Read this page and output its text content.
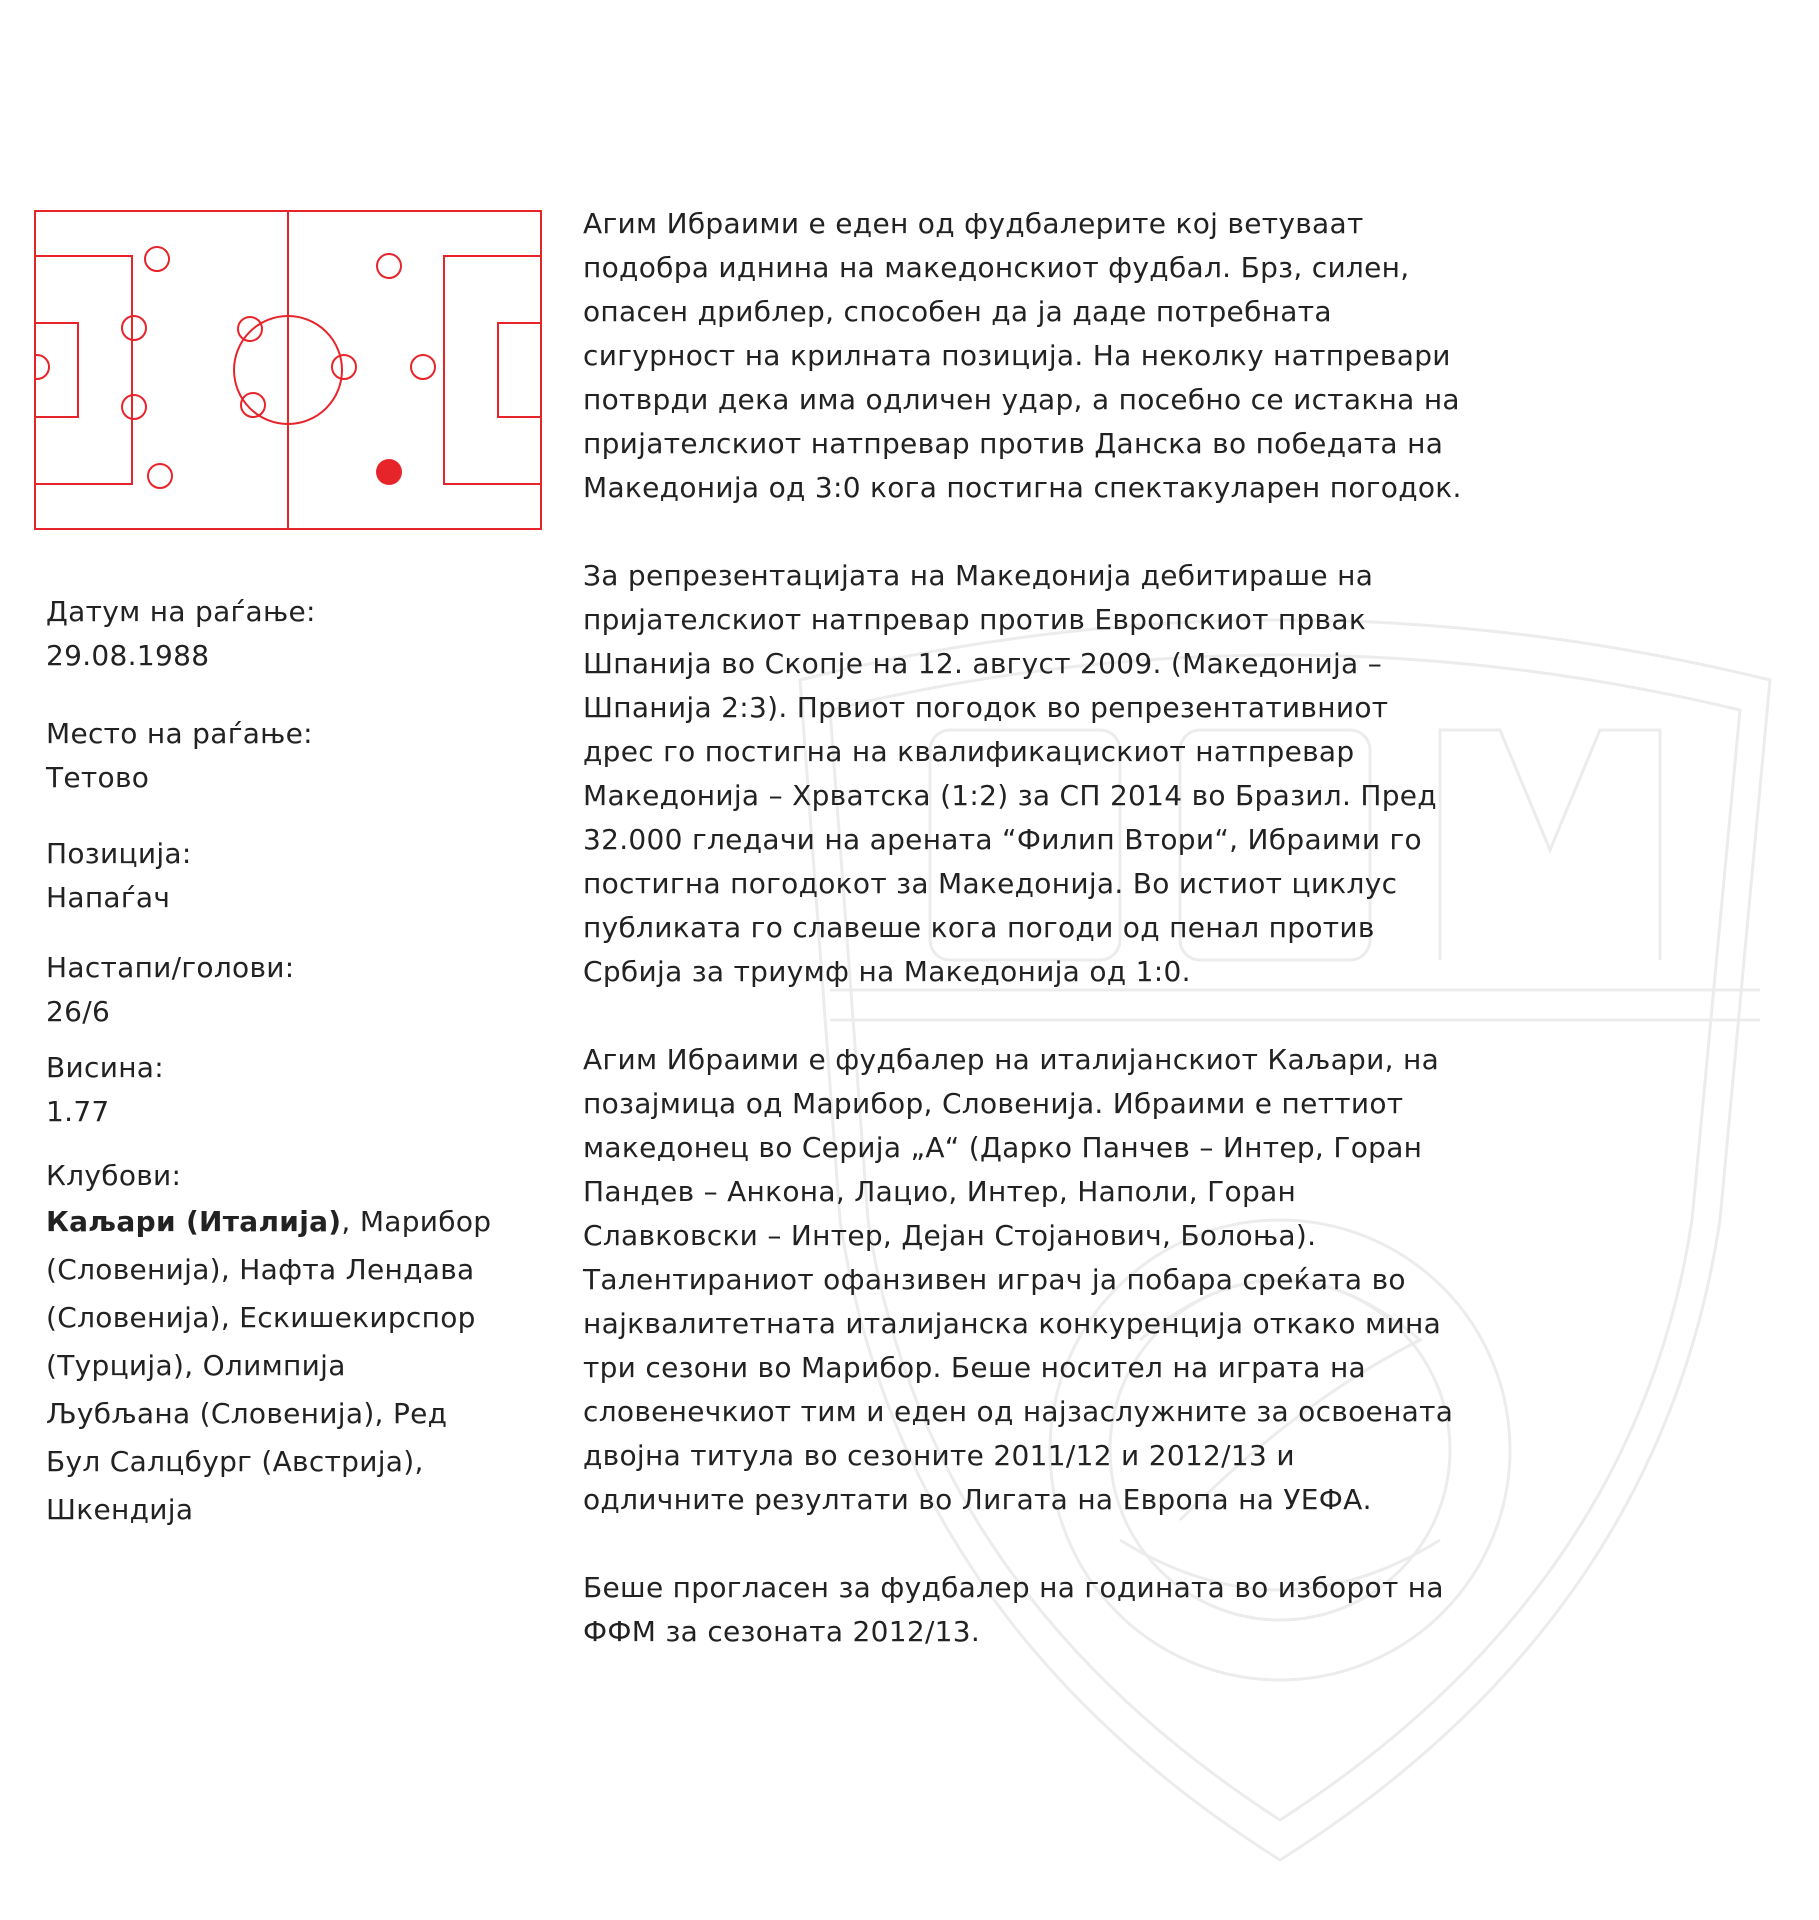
Датум на раѓање:
29.08.1988
Место на раѓање:
Тетово
Позиција:
Напаѓач
Настапи/голови:
26/6
Висина:
1.77
Клубови:
Каљари (Италија), Марибор (Словенија), Нафта Лендава (Словенија), Ескишекирспор (Турција), Олимпија Љубљана (Словенија), Ред Бул Салцбург (Австрија), Шкендија

Агим Ибраими е еден од фудбалерите кој ветуваат подобра иднина на македонскиот фудбал. Брз, силен, опасен дриблер, способен да ја даде потребната сигурност на крилната позиција. На неколку натпревари потврди дека има одличен удар, а посебно се истакна на пријателскиот натпревар против Данска во победата на Македонија од 3:0 кога постигна спектакуларен погодок.

За репрезентацијата на Македонија дебитираше на пријателскиот натпревар против Европскиот првак Шпанија во Скопје на 12. август 2009. (Македонија – Шпанија 2:3). Првиот погодок во репрезентативниот дрес го постигна на квалификацискиот натпревар Македонија – Хрватска (1:2) за СП 2014 во Бразил. Пред 32.000 гледачи на арената “Филип Втори“, Ибраими го постигна погодокот за Македонија. Во истиот циклус публиката го славеше кога погоди од пенал против Србија за триумф на Македонија од 1:0.

Агим Ибраими е фудбалер на италијанскиот Каљари, на позајмица од Марибор, Словенија. Ибраими е петтиот македонец во Серија „А“ (Дарко Панчев – Интер, Горан Пандев – Анкона, Лацио, Интер, Наполи, Горан Славковски – Интер, Дејан Стојанович, Болоња). Талентираниот офанзивен играч ја побара среќата во најквалитетната италијанска конкуренција откако мина три сезони во Марибор. Беше носител на играта на словенечкиот тим и еден од најзаслужните за освоената двојна титула во сезоните 2011/12 и 2012/13 и одличните резултати во Лигата на Европа на УЕФА.

Беше прогласен за фудбалер на годината во изборот на ФФМ за сезоната 2012/13.
